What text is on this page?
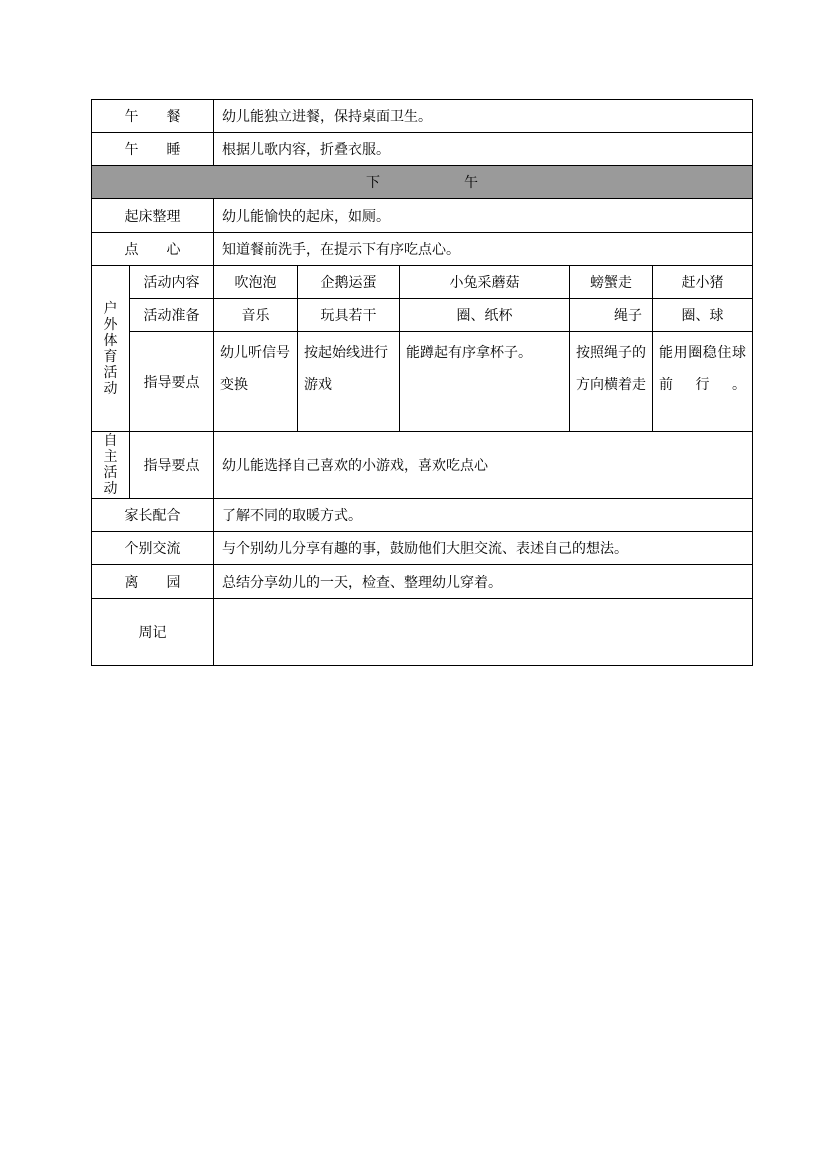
午　　餐		幼儿能独立进餐，保持桌面卫生。				
午　　睡		根据儿歌内容，折叠衣服。				
下　　　　　　午						
起床整理		幼儿能愉快的起床，如厕。				
点　　心		知道餐前洗手，在提示下有序吃点心。				
户外体育活动	活动内容	吹泡泡	企鹅运蛋	小兔采蘑菇	螃蟹走	赶小猪
	活动准备	音乐	玩具若干	圈、纸杯	绳子	圈、球
	指导要点	幼儿听信号变换	按起始线进行游戏	能蹲起有序拿杯子。	按照绳子的方向横着走	能用圈稳住球前行。
自主活动	指导要点	幼儿能选择自己喜欢的小游戏，喜欢吃点心				
家长配合		了解不同的取暖方式。				
个别交流		与个别幼儿分享有趣的事，鼓励他们大胆交流、表述自己的想法。				
离　　园		总结分享幼儿的一天，检查、整理幼儿穿着。				
周记						
